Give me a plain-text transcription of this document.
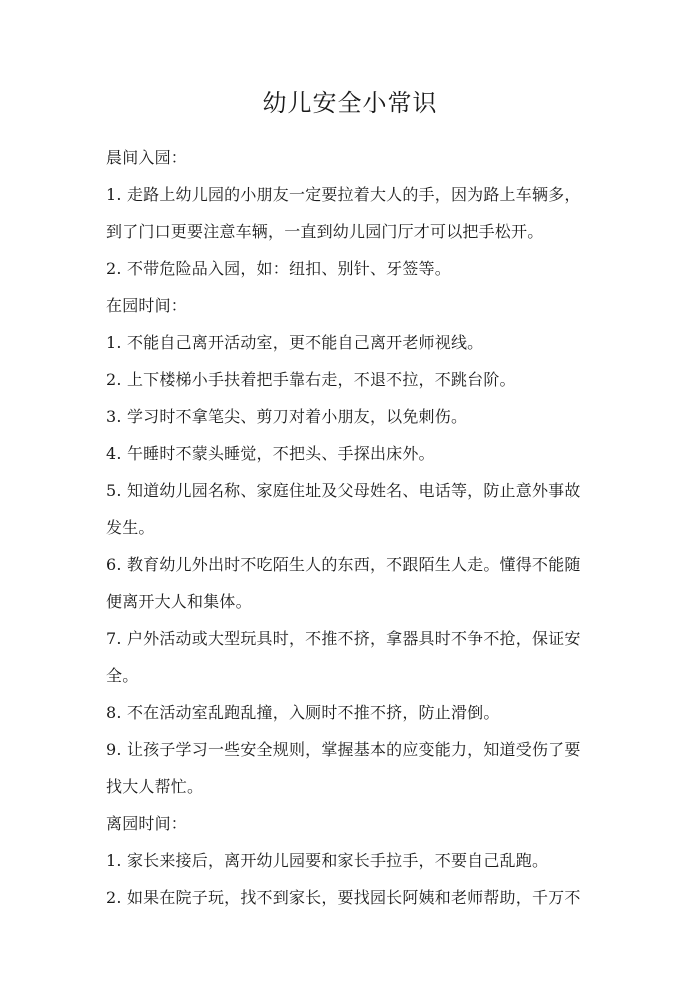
幼儿安全小常识
晨间入园：
1. 走路上幼儿园的小朋友一定要拉着大人的手，因为路上车辆多，
到了门口更要注意车辆，一直到幼儿园门厅才可以把手松开。
2. 不带危险品入园，如：纽扣、别针、牙签等。
在园时间：
1. 不能自己离开活动室，更不能自己离开老师视线。
2. 上下楼梯小手扶着把手靠右走，不退不拉，不跳台阶。
3. 学习时不拿笔尖、剪刀对着小朋友，以免刺伤。
4. 午睡时不蒙头睡觉，不把头、手探出床外。
5. 知道幼儿园名称、家庭住址及父母姓名、电话等，防止意外事故
发生。
6. 教育幼儿外出时不吃陌生人的东西，不跟陌生人走。懂得不能随
便离开大人和集体。
7. 户外活动或大型玩具时，不推不挤，拿器具时不争不抢，保证安
全。
8. 不在活动室乱跑乱撞，入厕时不推不挤，防止滑倒。
9. 让孩子学习一些安全规则，掌握基本的应变能力，知道受伤了要
找大人帮忙。
离园时间：
1. 家长来接后，离开幼儿园要和家长手拉手，不要自己乱跑。
2. 如果在院子玩，找不到家长，要找园长阿姨和老师帮助，千万不
